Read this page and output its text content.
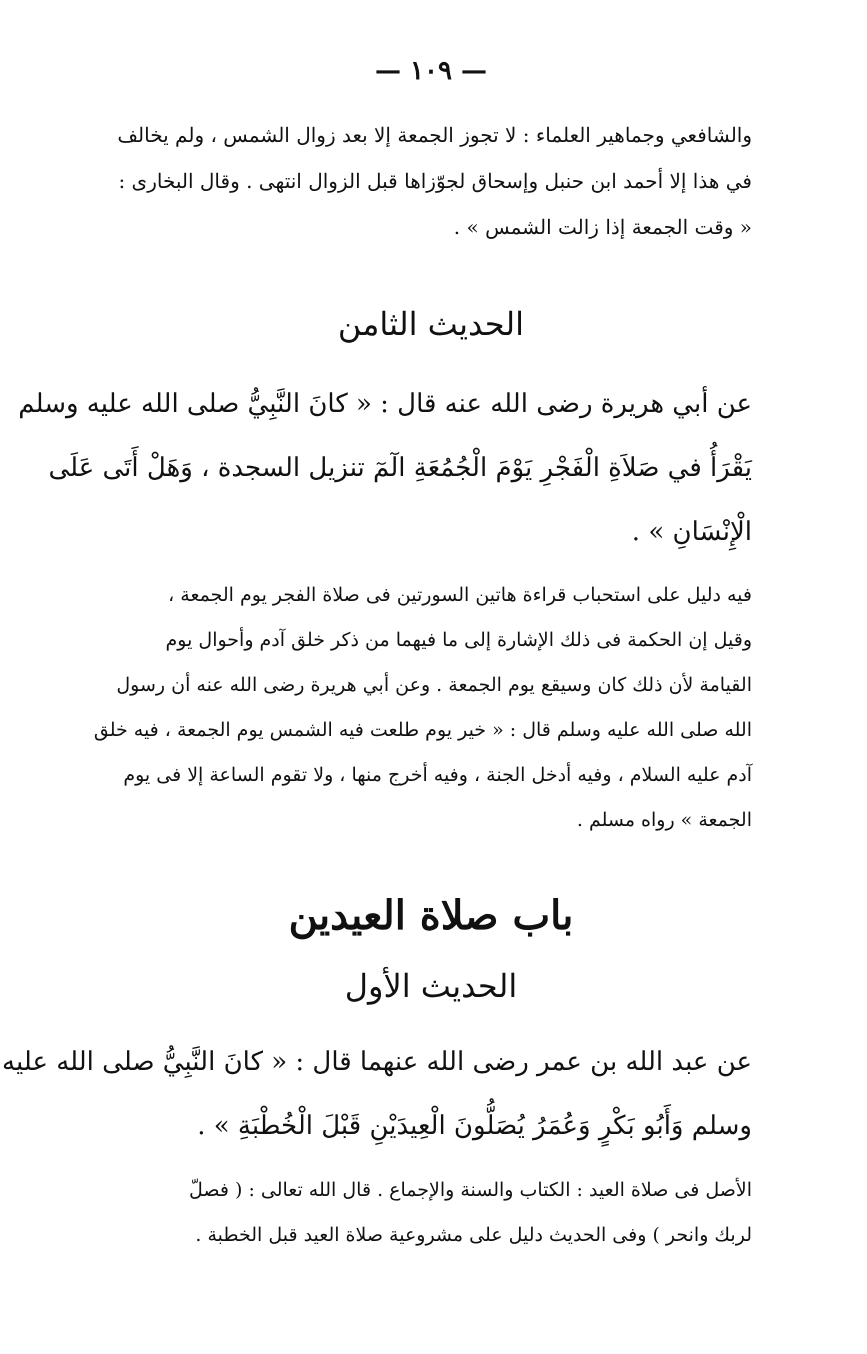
— ١٠٩ —
والشافعي وجماهير العلماء : لا تجوز الجمعة إلا بعد زوال الشمس ، ولم يخالف
في هذا إلا أحمد ابن حنبل وإسحاق لجوّزاها قبل الزوال انتهى . وقال البخارى :
« وقت الجمعة إذا زالت الشمس » .
الحديث الثامن
عن أبي هريرة رضى الله عنه قال : « كانَ النَّبِيُّ صلى الله عليه وسلم
يَقْرَأُ في صَلاَةِ الْفَجْرِ يَوْمَ الْجُمُعَةِ الٓمٓ تنزيل السجدة ، وَهَلْ أَتَى عَلَى
الْإِنْسَانِ » .
فيه دليل على استحباب قراءة هاتين السورتين فى صلاة الفجر يوم الجمعة ،
وقيل إن الحكمة فى ذلك الإشارة إلى ما فيهما من ذكر خلق آدم وأحوال يوم
القيامة لأن ذلك كان وسيقع يوم الجمعة . وعن أبي هريرة رضى الله عنه أن رسول
الله صلى الله عليه وسلم قال : « خير يوم طلعت فيه الشمس يوم الجمعة ، فيه خلق
آدم عليه السلام ، وفيه أدخل الجنة ، وفيه أخرج منها ، ولا تقوم الساعة إلا فى يوم
الجمعة » رواه مسلم .
باب صلاة العيدين
الحديث الأول
عن عبد الله بن عمر رضى الله عنهما قال : « كانَ النَّبِيُّ صلى الله عليه
وسلم وَأَبُو بَكْرٍ وَعُمَرُ يُصَلُّونَ الْعِيدَيْنِ قَبْلَ الْخُطْبَةِ » .
الأصل فى صلاة العيد : الكتاب والسنة والإجماع . قال الله تعالى : ( فصلّ
لربك وانحر ) وفى الحديث دليل على مشروعية صلاة العيد قبل الخطبة .
